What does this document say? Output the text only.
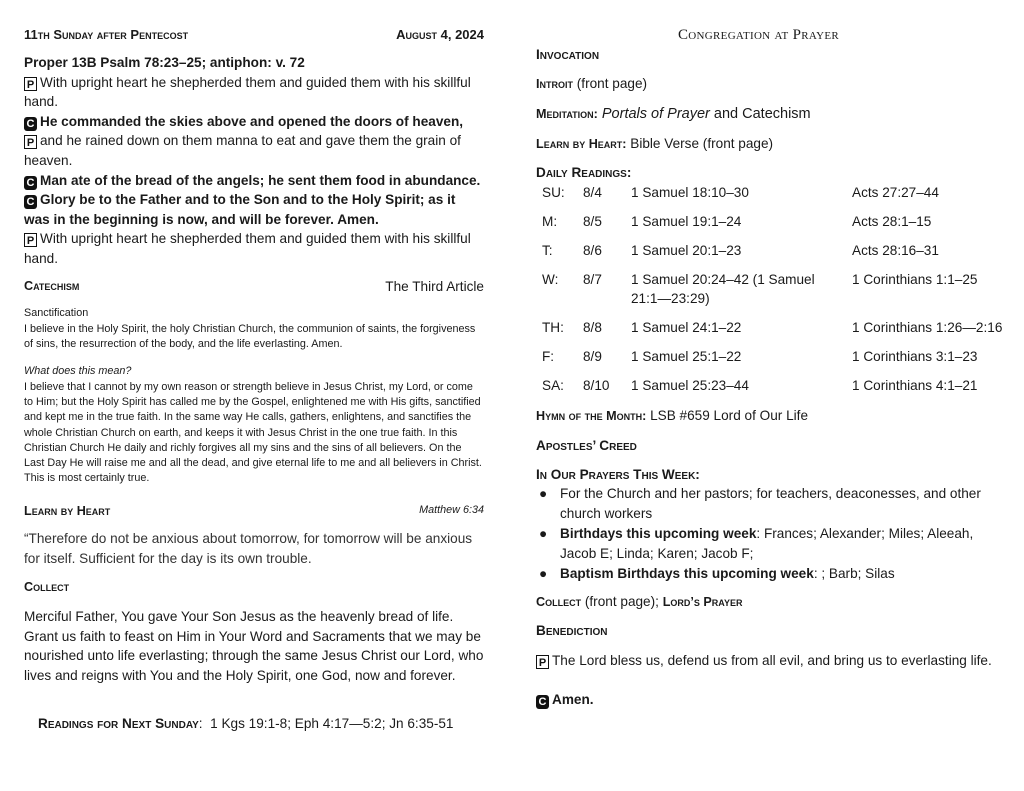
11th Sunday after Pentecost	August 4, 2024

Proper 13B Psalm 78:23–25; antiphon: v. 72

P With upright heart he shepherded them and guided them with his skillful hand.

C He commanded the skies above and opened the doors of heaven,

P and he rained down on them manna to eat and gave them the grain of heaven.

C Man ate of the bread of the angels; he sent them food in abundance.

C Glory be to the Father and to the Son and to the Holy Spirit; as it was in the beginning is now, and will be forever. Amen.

P With upright heart he shepherded them and guided them with his skillful hand.

Catechism	The Third Article
Sanctification
I believe in the Holy Spirit, the holy Christian Church, the communion of saints, the forgiveness of sins, the resurrection of the body, and the life everlasting. Amen.
What does this mean?
I believe that I cannot by my own reason or strength believe in Jesus Christ, my Lord, or come to Him; but the Holy Spirit has called me by the Gospel, enlightened me with His gifts, sanctified and kept me in the true faith. In the same way He calls, gathers, enlightens, and sanctifies the whole Christian Church on earth, and keeps it with Jesus Christ in the one true faith. In this Christian Church He daily and richly forgives all my sins and the sins of all believers. On the Last Day He will raise me and all the dead, and give eternal life to me and all believers in Christ. This is most certainly true.
Learn by Heart	Matthew 6:34
“Therefore do not be anxious about tomorrow, for tomorrow will be anxious for itself. Sufficient for the day is its own trouble.
Collect
Merciful Father, You gave Your Son Jesus as the heavenly bread of life. Grant us faith to feast on Him in Your Word and Sacraments that we may be nourished unto life everlasting; through the same Jesus Christ our Lord, who lives and reigns with You and the Holy Spirit, one God, now and forever.
Readings for Next Sunday:  1 Kgs 19:1-8; Eph 4:17—5:2; Jn 6:35-51
Congregation at Prayer
Invocation
Introit (front page)
Meditation: Portals of Prayer and Catechism
Learn by Heart: Bible Verse (front page)
Daily Readings:
SU:	8/4	1 Samuel 18:10–30	Acts 27:27–44
M:	8/5	1 Samuel 19:1–24	Acts 28:1–15
T:	8/6	1 Samuel 20:1–23	Acts 28:16–31
W:	8/7	1 Samuel 20:24–42 (1 Samuel 21:1—23:29)	1 Corinthians 1:1–25
TH:	8/8	1 Samuel 24:1–22	1 Corinthians 1:26—2:16
F:	8/9	1 Samuel 25:1–22	1 Corinthians 3:1–23
SA:	8/10	1 Samuel 25:23–44	1 Corinthians 4:1–21
Hymn of the Month: LSB #659 Lord of Our Life
Apostles’ Creed
In Our Prayers This Week:
● For the Church and her pastors; for teachers, deaconesses, and other church workers
● Birthdays this upcoming week: Frances; Alexander; Miles; Aleeah, Jacob E; Linda; Karen; Jacob F;
● Baptism Birthdays this upcoming week: ; Barb; Silas
Collect (front page); Lord’s Prayer
Benediction
P The Lord bless us, defend us from all evil, and bring us to everlasting life.
C Amen.
